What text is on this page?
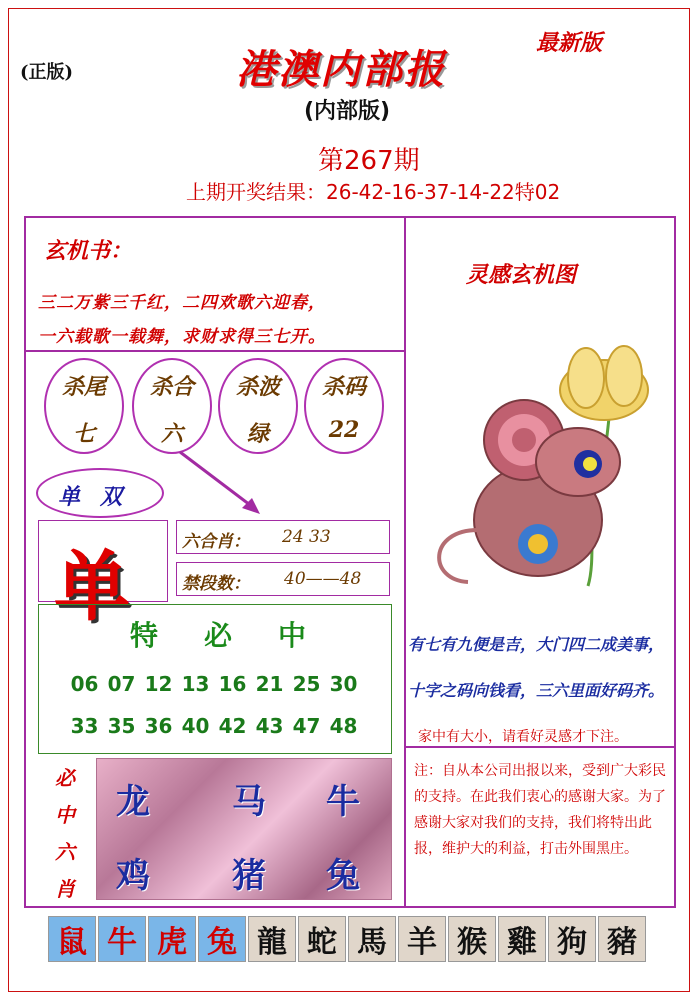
(正版)
最新版
港澳内部报
(内部版)
第267期
上期开奖结果：26-42-16-37-14-22特02
玄机书：
三二万紫三千红，二四欢歌六迎春，
一六载歌一载舞，求财求得三七开。
杀尾
七
杀合
六
杀波
绿
杀码
22
单双
单	六合肖： 24 33
禁段数： 40——48
特必中
06 07 12 13 16 21 25 30
33 35 36 40 42 43 47 48
必
中
六
肖
龙 马 牛
鸡 猪 兔
灵感玄机图
有七有九便是吉，大门四二成美事，
十字之码向钱看，三六里面好码齐。
家中有大小，请看好灵感才下注。
注：自从本公司出报以来，受到广大彩民的支持。在此我们衷心的感谢大家。为了感谢大家对我们的支持，我们将特出此报，维护大的利益，打击外围黑庄。
鼠 牛 虎 兔 龍 蛇 馬 羊 猴 雞 狗 豬
